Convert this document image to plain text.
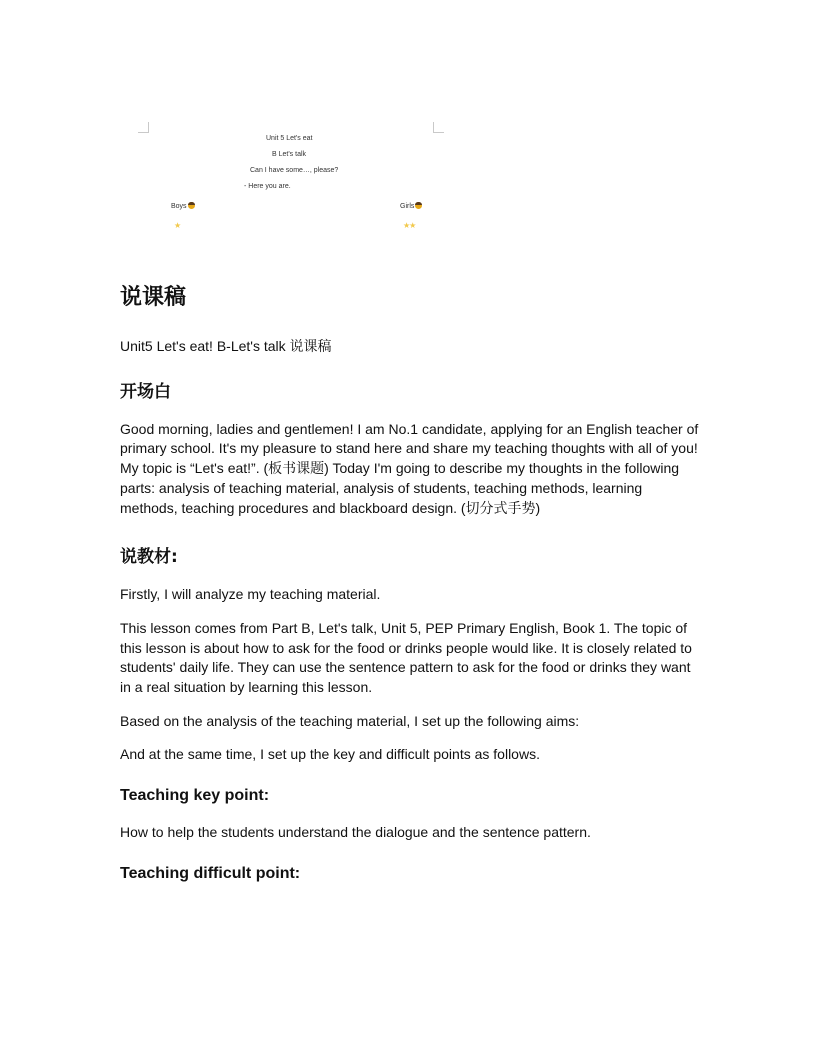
Unit 5 Let's eat
B Let's talk
Can I have some…, please?
- Here you are.
Boys	Girls
★	★★
说课稿

Unit5 Let's eat! B-Let's talk 说课稿

开场白

Good morning, ladies and gentlemen! I am No.1 candidate, applying for an English teacher of primary school. It's my pleasure to stand here and share my teaching thoughts with all of you! My topic is “Let's eat!”. (板书课题) Today I'm going to describe my thoughts in the following parts: analysis of teaching material, analysis of students, teaching methods, learning methods, teaching procedures and blackboard design. (切分式手势)

说教材:

Firstly, I will analyze my teaching material.

This lesson comes from Part B, Let's talk, Unit 5, PEP Primary English, Book 1. The topic of this lesson is about how to ask for the food or drinks people would like. It is closely related to students' daily life. They can use the sentence pattern to ask for the food or drinks they want in a real situation by learning this lesson.

Based on the analysis of the teaching material, I set up the following aims:

And at the same time, I set up the key and difficult points as follows.

Teaching key point:

How to help the students understand the dialogue and the sentence pattern.

Teaching difficult point:
